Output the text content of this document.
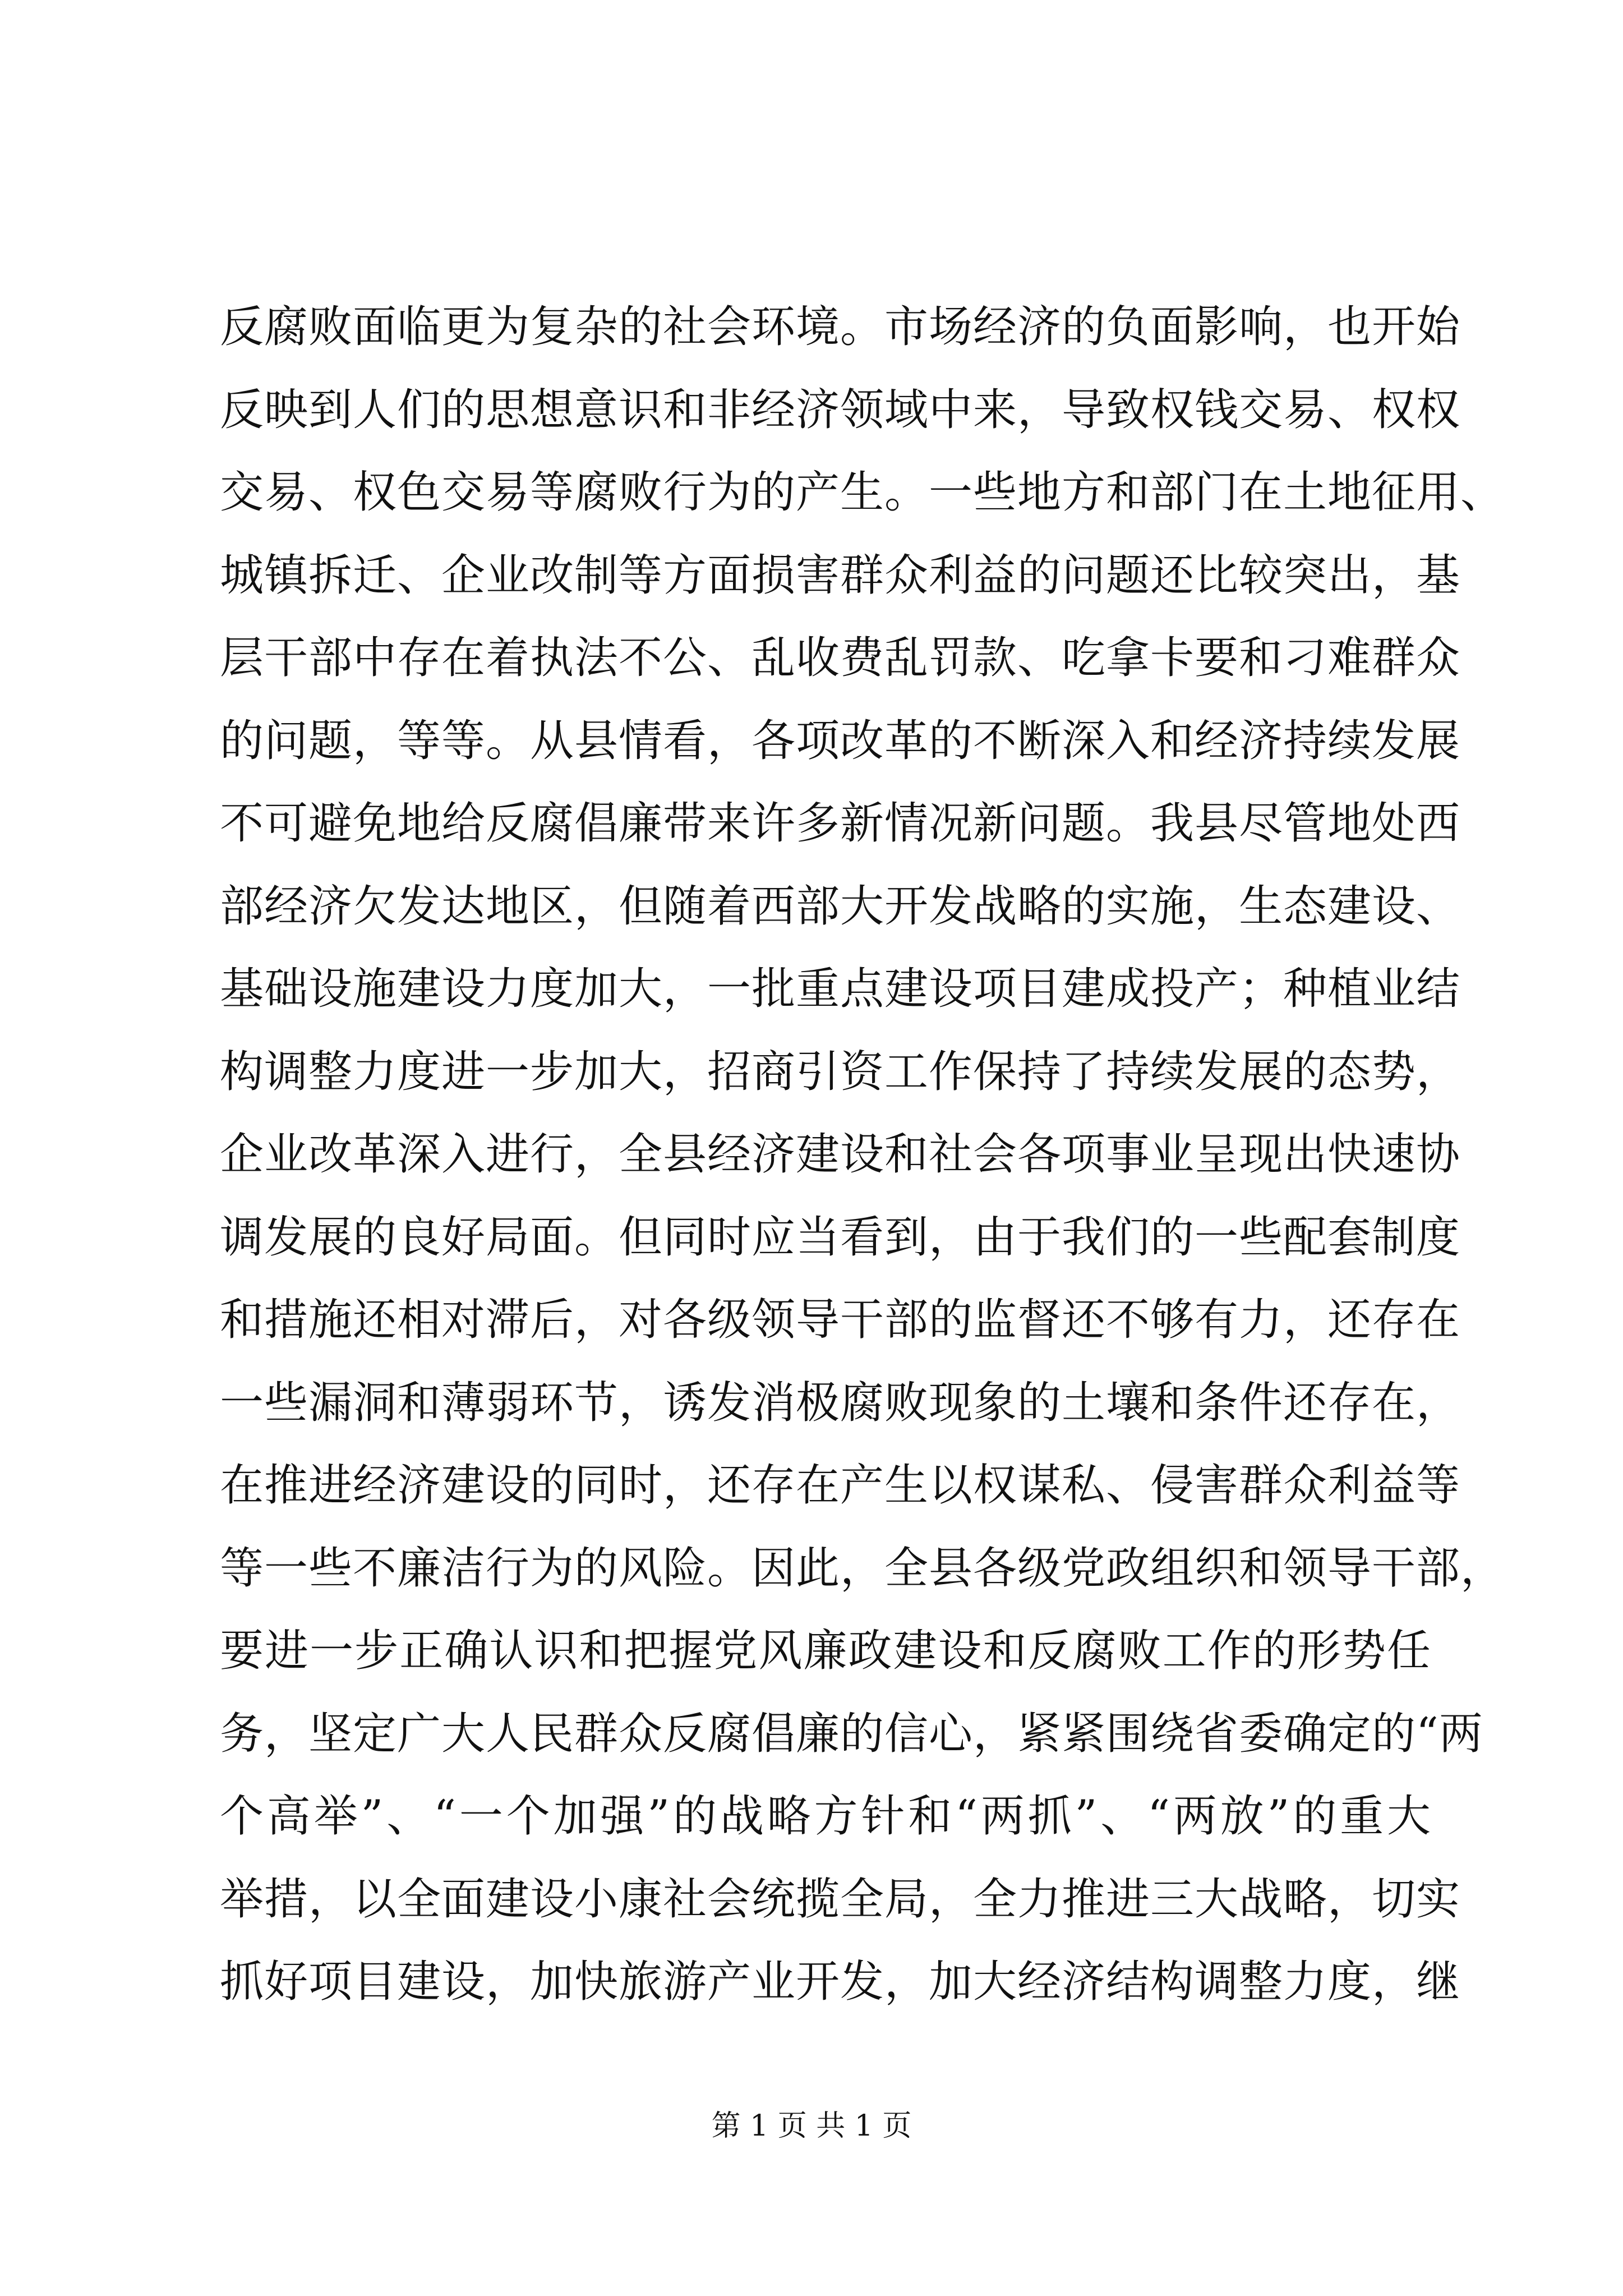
反腐败面临更为复杂的社会环境。市场经济的负面影响，也开始
反映到人们的思想意识和非经济领域中来，导致权钱交易、权权
交易、权色交易等腐败行为的产生。一些地方和部门在土地征用、
城镇拆迁、企业改制等方面损害群众利益的问题还比较突出，基
层干部中存在着执法不公、乱收费乱罚款、吃拿卡要和刁难群众
的问题，等等。从县情看，各项改革的不断深入和经济持续发展
不可避免地给反腐倡廉带来许多新情况新问题。我县尽管地处西
部经济欠发达地区，但随着西部大开发战略的实施，生态建设、
基础设施建设力度加大，一批重点建设项目建成投产；种植业结
构调整力度进一步加大，招商引资工作保持了持续发展的态势，
企业改革深入进行，全县经济建设和社会各项事业呈现出快速协
调发展的良好局面。但同时应当看到，由于我们的一些配套制度
和措施还相对滞后，对各级领导干部的监督还不够有力，还存在
一些漏洞和薄弱环节，诱发消极腐败现象的土壤和条件还存在，
在推进经济建设的同时，还存在产生以权谋私、侵害群众利益等
等一些不廉洁行为的风险。因此，全县各级党政组织和领导干部，
要进一步正确认识和把握党风廉政建设和反腐败工作的形势任
务，坚定广大人民群众反腐倡廉的信心，紧紧围绕省委确定的“两
个高举”、“一个加强”的战略方针和“两抓”、“两放”的重大
举措，以全面建设小康社会统揽全局，全力推进三大战略，切实
抓好项目建设，加快旅游产业开发，加大经济结构调整力度，继
第 1 页 共 1 页
